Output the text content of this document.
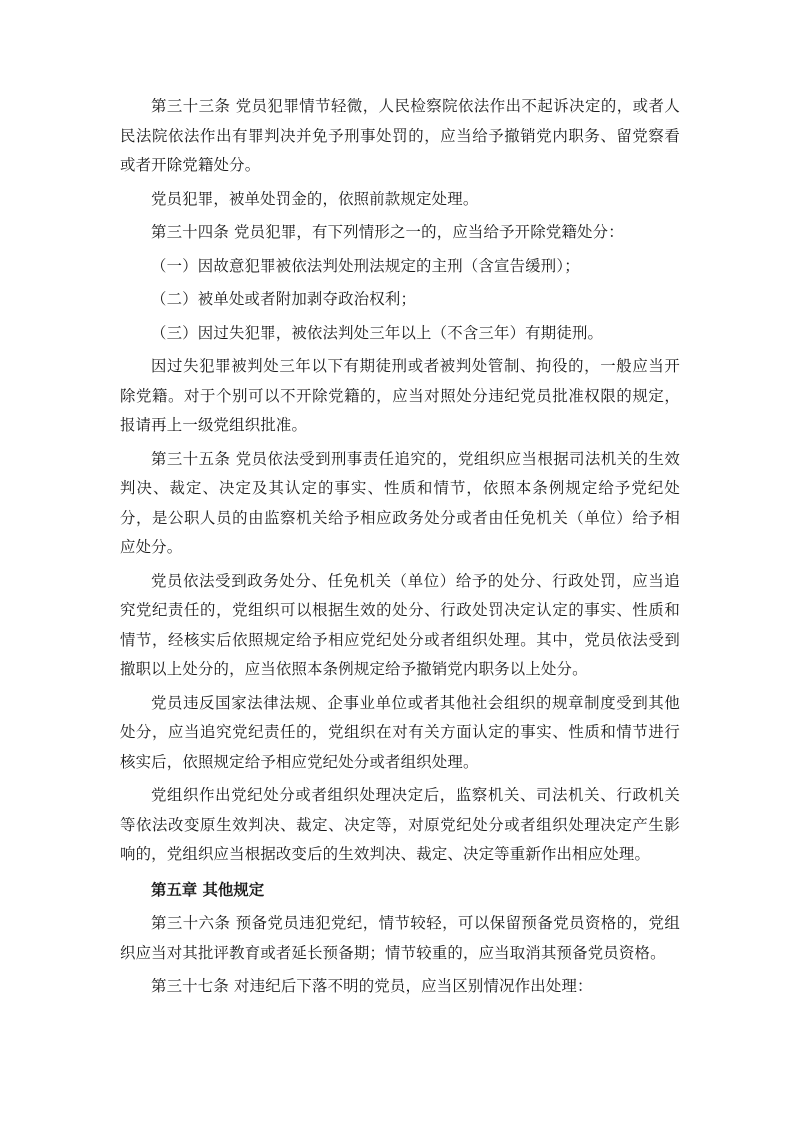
第三十三条 党员犯罪情节轻微，人民检察院依法作出不起诉决定的，或者人民法院依法作出有罪判决并免予刑事处罚的，应当给予撤销党内职务、留党察看或者开除党籍处分。

党员犯罪，被单处罚金的，依照前款规定处理。

第三十四条 党员犯罪，有下列情形之一的，应当给予开除党籍处分：

（一）因故意犯罪被依法判处刑法规定的主刑（含宣告缓刑）；

（二）被单处或者附加剥夺政治权利；

（三）因过失犯罪，被依法判处三年以上（不含三年）有期徒刑。

因过失犯罪被判处三年以下有期徒刑或者被判处管制、拘役的，一般应当开除党籍。对于个别可以不开除党籍的，应当对照处分违纪党员批准权限的规定，报请再上一级党组织批准。

第三十五条 党员依法受到刑事责任追究的，党组织应当根据司法机关的生效判决、裁定、决定及其认定的事实、性质和情节，依照本条例规定给予党纪处分，是公职人员的由监察机关给予相应政务处分或者由任免机关（单位）给予相应处分。

党员依法受到政务处分、任免机关（单位）给予的处分、行政处罚，应当追究党纪责任的，党组织可以根据生效的处分、行政处罚决定认定的事实、性质和情节，经核实后依照规定给予相应党纪处分或者组织处理。其中，党员依法受到撤职以上处分的，应当依照本条例规定给予撤销党内职务以上处分。

党员违反国家法律法规、企事业单位或者其他社会组织的规章制度受到其他处分，应当追究党纪责任的，党组织在对有关方面认定的事实、性质和情节进行核实后，依照规定给予相应党纪处分或者组织处理。

党组织作出党纪处分或者组织处理决定后，监察机关、司法机关、行政机关等依法改变原生效判决、裁定、决定等，对原党纪处分或者组织处理决定产生影响的，党组织应当根据改变后的生效判决、裁定、决定等重新作出相应处理。

第五章 其他规定

第三十六条 预备党员违犯党纪，情节较轻，可以保留预备党员资格的，党组织应当对其批评教育或者延长预备期；情节较重的，应当取消其预备党员资格。

第三十七条 对违纪后下落不明的党员，应当区别情况作出处理：
